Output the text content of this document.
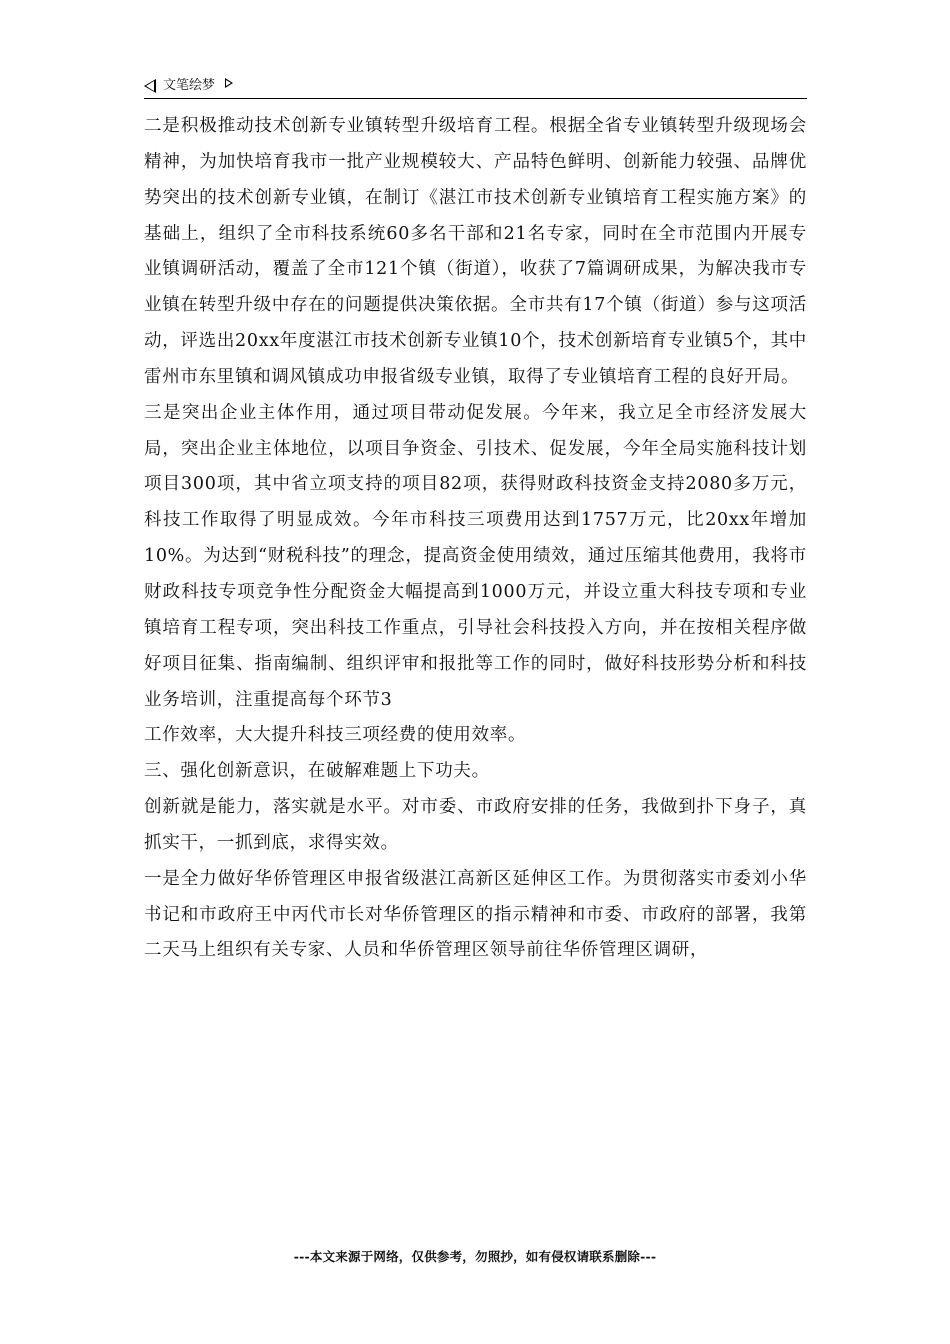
文笔绘梦

二是积极推动技术创新专业镇转型升级培育工程。根据全省专业镇转型升级现场会精神，为加快培育我市一批产业规模较大、产品特色鲜明、创新能力较强、品牌优势突出的技术创新专业镇，在制订《湛江市技术创新专业镇培育工程实施方案》的基础上，组织了全市科技系统60多名干部和21名专家，同时在全市范围内开展专业镇调研活动，覆盖了全市121个镇（街道），收获了7篇调研成果，为解决我市专业镇在转型升级中存在的问题提供决策依据。全市共有17个镇（街道）参与这项活动，评选出20xx年度湛江市技术创新专业镇10个，技术创新培育专业镇5个，其中雷州市东里镇和调风镇成功申报省级专业镇，取得了专业镇培育工程的良好开局。

三是突出企业主体作用，通过项目带动促发展。今年来，我立足全市经济发展大局，突出企业主体地位，以项目争资金、引技术、促发展，今年全局实施科技计划项目300项，其中省立项支持的项目82项，获得财政科技资金支持2080多万元，科技工作取得了明显成效。今年市科技三项费用达到1757万元，比20xx年增加10%。为达到“财税科技”的理念，提高资金使用绩效，通过压缩其他费用，我将市财政科技专项竞争性分配资金大幅提高到1000万元，并设立重大科技专项和专业镇培育工程专项，突出科技工作重点，引导社会科技投入方向，并在按相关程序做好项目征集、指南编制、组织评审和报批等工作的同时，做好科技形势分析和科技业务培训，注重提高每个环节3

工作效率，大大提升科技三项经费的使用效率。

三、强化创新意识，在破解难题上下功夫。

创新就是能力，落实就是水平。对市委、市政府安排的任务，我做到扑下身子，真抓实干，一抓到底，求得实效。

一是全力做好华侨管理区申报省级湛江高新区延伸区工作。为贯彻落实市委刘小华书记和市政府王中丙代市长对华侨管理区的指示精神和市委、市政府的部署，我第二天马上组织有关专家、人员和华侨管理区领导前往华侨管理区调研，

---本文来源于网络，仅供参考，勿照抄，如有侵权请联系删除---
